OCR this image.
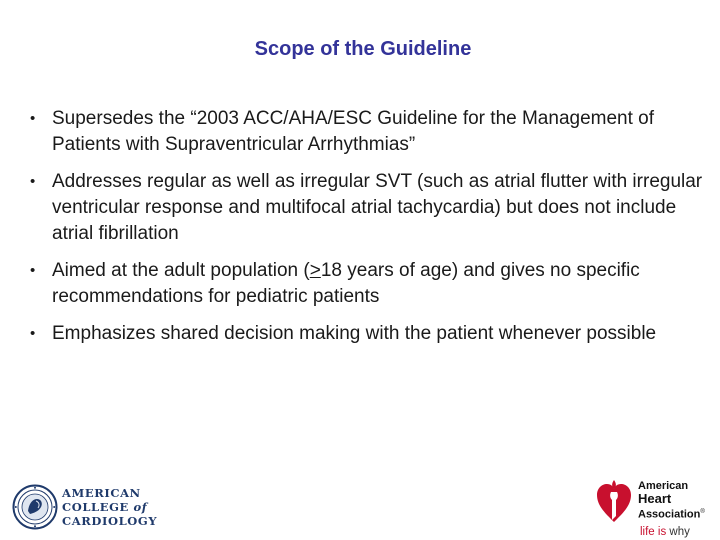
Scope of the Guideline
• Supersedes the “2003 ACC/AHA/ESC Guideline for the Management of Patients with Supraventricular Arrhythmias”
• Addresses regular as well as irregular SVT (such as atrial flutter with irregular ventricular response and multifocal atrial tachycardia) but does not include atrial fibrillation
• Aimed at the adult population (>18 years of age) and gives no specific recommendations for pediatric patients
• Emphasizes shared decision making with the patient whenever possible
AMERICAN
COLLEGE of
CARDIOLOGY
American
Heart
Association®
life is why
